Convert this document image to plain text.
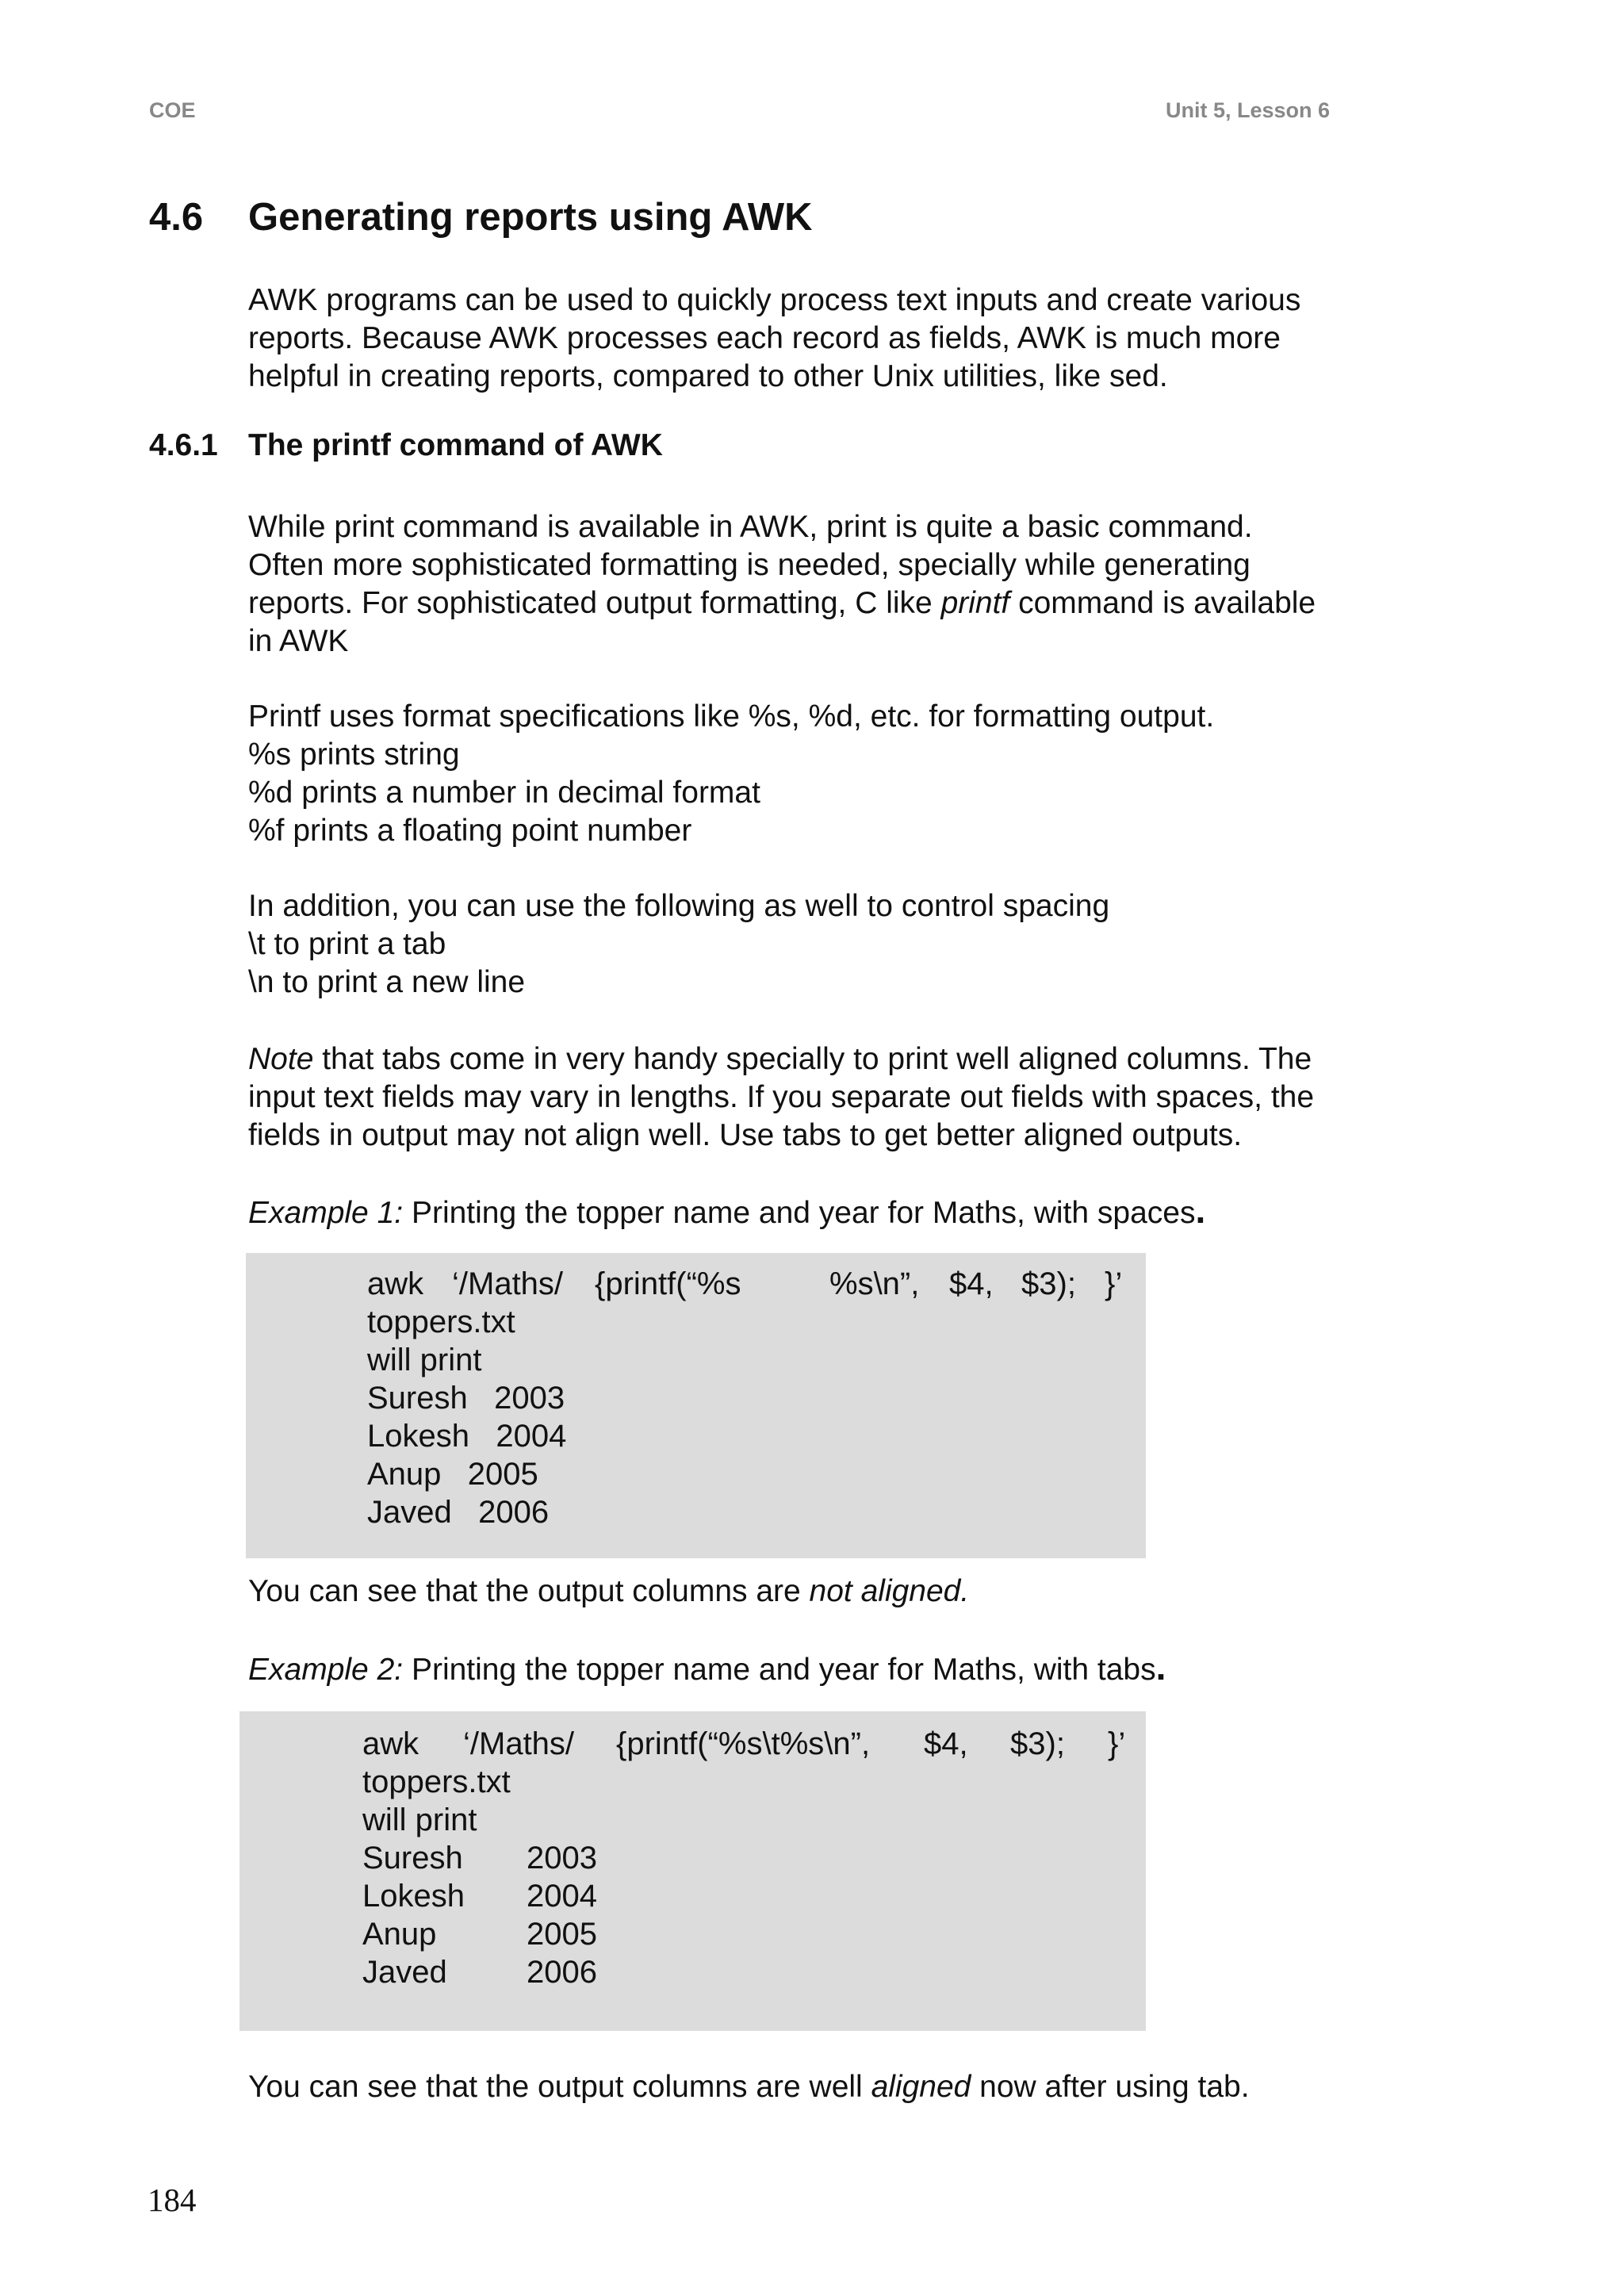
COE	Unit 5, Lesson 6
4.6 Generating reports using AWK
AWK programs can be used to quickly process text inputs and create various
reports. Because AWK processes each record as fields, AWK is much more
helpful in creating reports, compared to other Unix utilities, like sed.
4.6.1 The printf command of AWK
While print command is available in AWK, print is quite a basic command.
Often more sophisticated formatting is needed, specially while generating
reports. For sophisticated output formatting, C like printf command is available
in AWK
Printf uses format specifications like %s, %d, etc. for formatting output.
%s prints string
%d prints a number in decimal format
%f prints a floating point number
In addition, you can use the following as well to control spacing
\t to print a tab
\n to print a new line
Note that tabs come in very handy specially to print well aligned columns. The
input text fields may vary in lengths. If you separate out fields with spaces, the
fields in output may not align well. Use tabs to get better aligned outputs.
Example 1: Printing the topper name and year for Maths, with spaces.
awk ‘/Maths/ {printf(“%s	%s\n”, $4, $3); }’
toppers.txt
will print
Suresh   2003
Lokesh   2004
Anup   2005
Javed   2006
You can see that the output columns are not aligned.
Example 2: Printing the topper name and year for Maths, with tabs.
awk ‘/Maths/ {printf(“%s\t%s\n”, $4, $3); }’
toppers.txt
will print
Suresh 2003
Lokesh 2004
Anup	2005
Javed	2006
You can see that the output columns are well aligned now after using tab.
184
